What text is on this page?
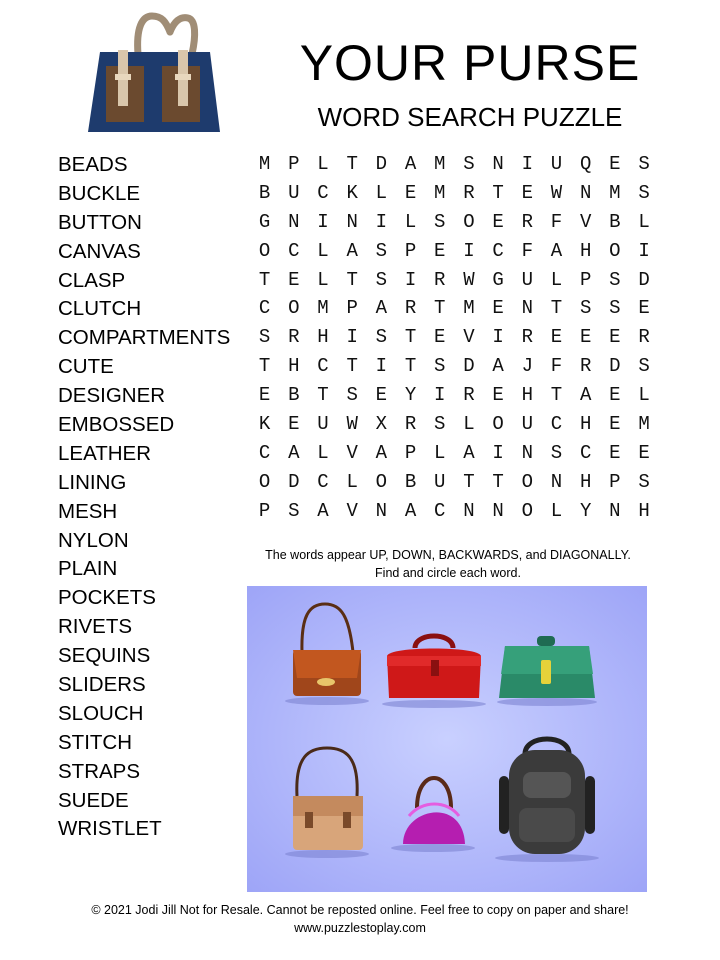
YOUR PURSE
WORD SEARCH PUZZLE
BEADS
BUCKLE
BUTTON
CANVAS
CLASP
CLUTCH
COMPARTMENTS
CUTE
DESIGNER
EMBOSSED
LEATHER
LINING
MESH
NYLON
PLAIN
POCKETS
RIVETS
SEQUINS
SLIDERS
SLOUCH
STITCH
STRAPS
SUEDE
WRISTLET
M P L T D A M S N I U Q E S
B U C K L E M R T E W N M S
G N I N I L S O E R F V B L
O C L A S P E I C F A H O I
T E L T S I R W G U L P S D
C O M P A R T M E N T S S E
S R H I S T E V I R E E E R
T H C T I T S D A J F R D S
E B T S E Y I R E H T A E L
K E U W X R S L O U C H E M
C A L V A P L A I N S C E E
O D C L O B U T T O N H P S
P S A V N A C N N O L Y N H
The words appear UP, DOWN, BACKWARDS, and DIAGONALLY.
Find and circle each word.
© 2021 Jodi Jill Not for Resale. Cannot be reposted online. Feel free to copy on paper and share!
www.puzzlestoplay.com
